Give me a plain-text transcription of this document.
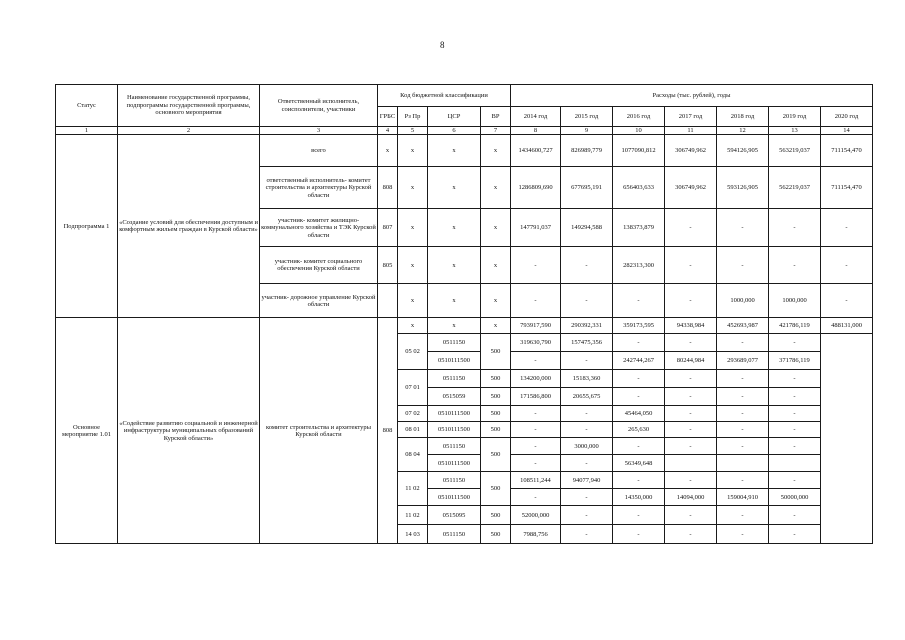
8
Статус	Наименование государственной программы, подпрограммы государственной программы, основного мероприятия	Ответственный исполнитель, соисполнители, участники	Код бюджетной классификации				Расходы (тыс. рублей), годы						
			ГРБС	Рз Пр	ЦСР	ВР	2014 год	2015 год	2016 год	2017 год	2018 год	2019 год	2020 год
1	2	3	4	5	6	7	8	9	10	11	12	13	14
Подпрограмма 1	«Создание условий для обеспечения доступным и комфортным жильем граждан в Курской области»	всего	х	х	х	х	1434600,727	826989,779	1077090,812	306749,962	594126,905	563219,037	711154,470
		ответственный исполнитель- комитет строительства и архитектуры Курской области	808	х	х	х	1286809,690	677695,191	656403,633	306749,962	593126,905	562219,037	711154,470
		участник- комитет жилищно-коммунального хозяйства и ТЭК Курской области	807	х	х	х	147791,037	149294,588	138373,879	-	-	-	-
		участник- комитет социального обеспечения Курской области	805	х	х	х	-	-	282313,300	-	-	-	-
		участник- дорожное управление Курской области		х	х	х	-	-	-	-	1000,000	1000,000	-
Основное мероприятие 1.01	«Содействие развитию социальной и инженерной инфраструктуры муниципальных образований Курской области»	комитет строительства и архитектуры Курской области	808	х	х	х	793917,590	290392,331	359173,595	94338,984	452693,987	421786,119	488131,000
				05 02	0511150	500	319630,790	157475,356	-	-	-	-	
					0510111500		-	-	242744,267	80244,984	293689,077	371786,119	
				07 01	0511150	500	134200,000	15183,360	-	-	-	-	
					0515059	500	171586,800	20655,675	-	-	-	-	
				07 02	0510111500	500	-	-	45464,050	-	-	-	
				08 01	0510111500	500	-	-	265,630	-	-	-	
				08 04	0511150	500	-	3000,000	-	-	-	-	
					0510111500		-	-	56349,648				
				11 02	0511150	500	108511,244	94077,940	-	-	-	-	
					0510111500		-	-	14350,000	14094,000	159004,910	50000,000	
				11 02	0515095	500	52000,000	-	-	-	-	-	
				14 03	0511150	500	7988,756	-	-	-	-	-	
